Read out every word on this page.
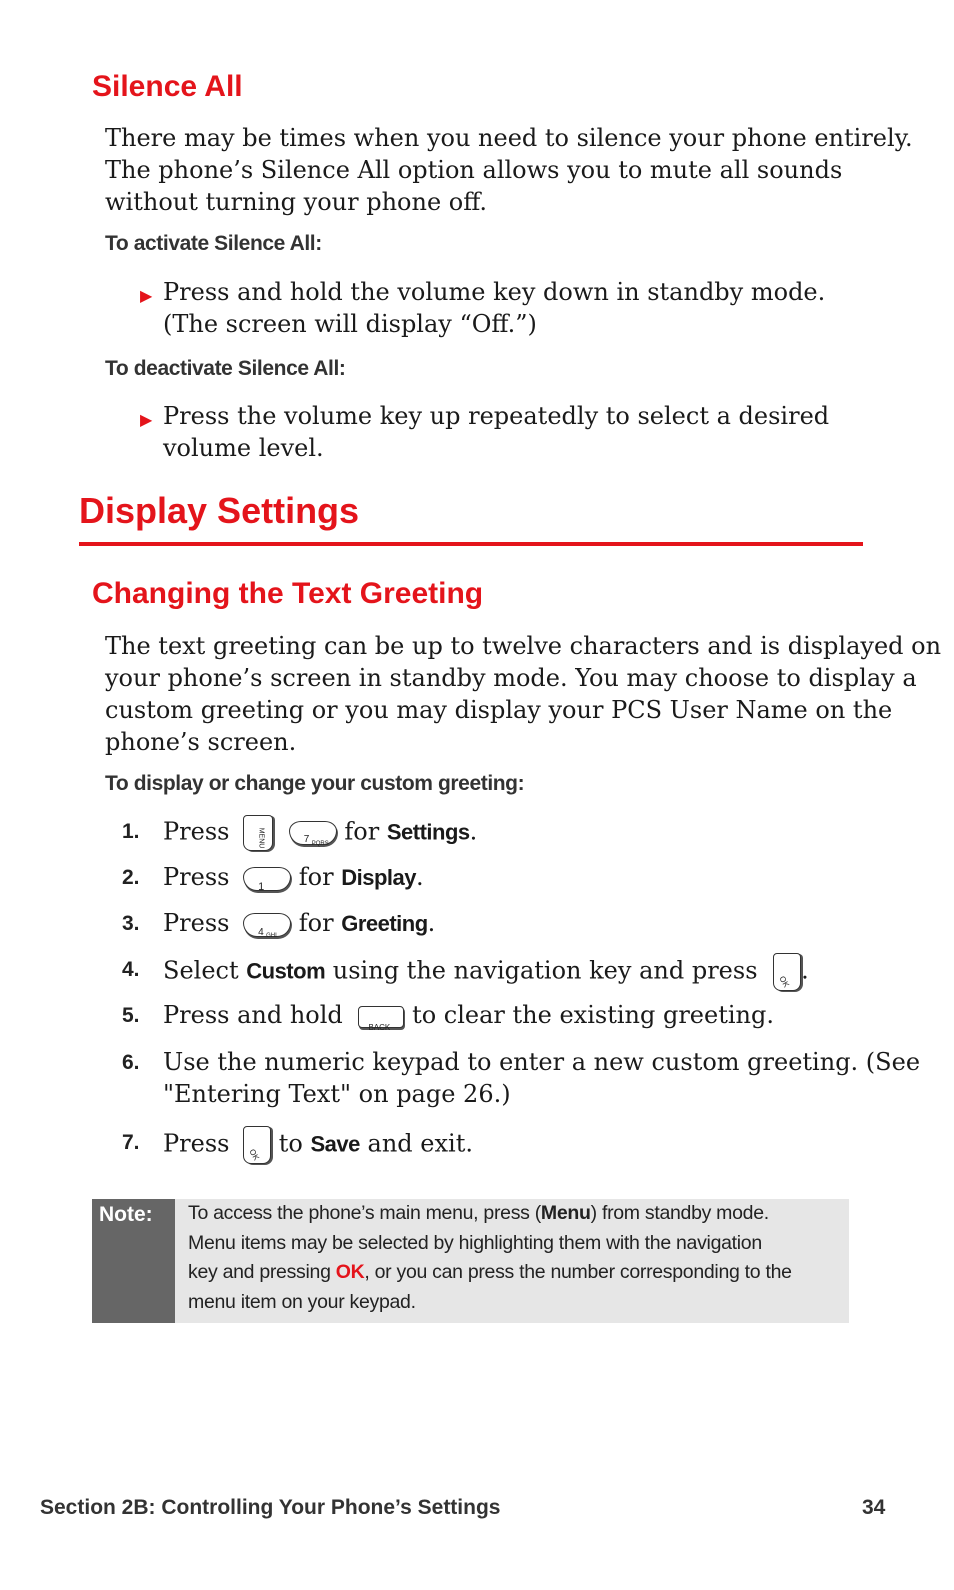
Silence All
There may be times when you need to silence your phone entirely.
The phone’s Silence All option allows you to mute all sounds
without turning your phone off.
To activate Silence All:
▶ Press and hold the volume key down in standby mode.
(The screen will display “Off.”)
To deactivate Silence All:
▶ Press the volume key up repeatedly to select a desired
volume level.
Display Settings
Changing the Text Greeting
The text greeting can be up to twelve characters and is displayed on
your phone’s screen in standby mode. You may choose to display a
custom greeting or you may display your PCS User Name on the
phone’s screen.
To display or change your custom greeting:
1. Press	MENU
	7 PQRS for Settings.
2. Press	1 for Display.
3. Press	4 GHI for Greeting.
4. Select Custom using the navigation key and press	OK .
5. Press and hold	BACK to clear the existing greeting.
6. Use the numeric keypad to enter a new custom greeting. (See
"Entering Text" on page 26.)
7. Press	OK to Save and exit.
Note: To access the phone’s main menu, press (Menu) from standby mode.
Menu items may be selected by highlighting them with the navigation
key and pressing OK, or you can press the number corresponding to the
menu item on your keypad.
Section 2B: Controlling Your Phone’s Settings	34
